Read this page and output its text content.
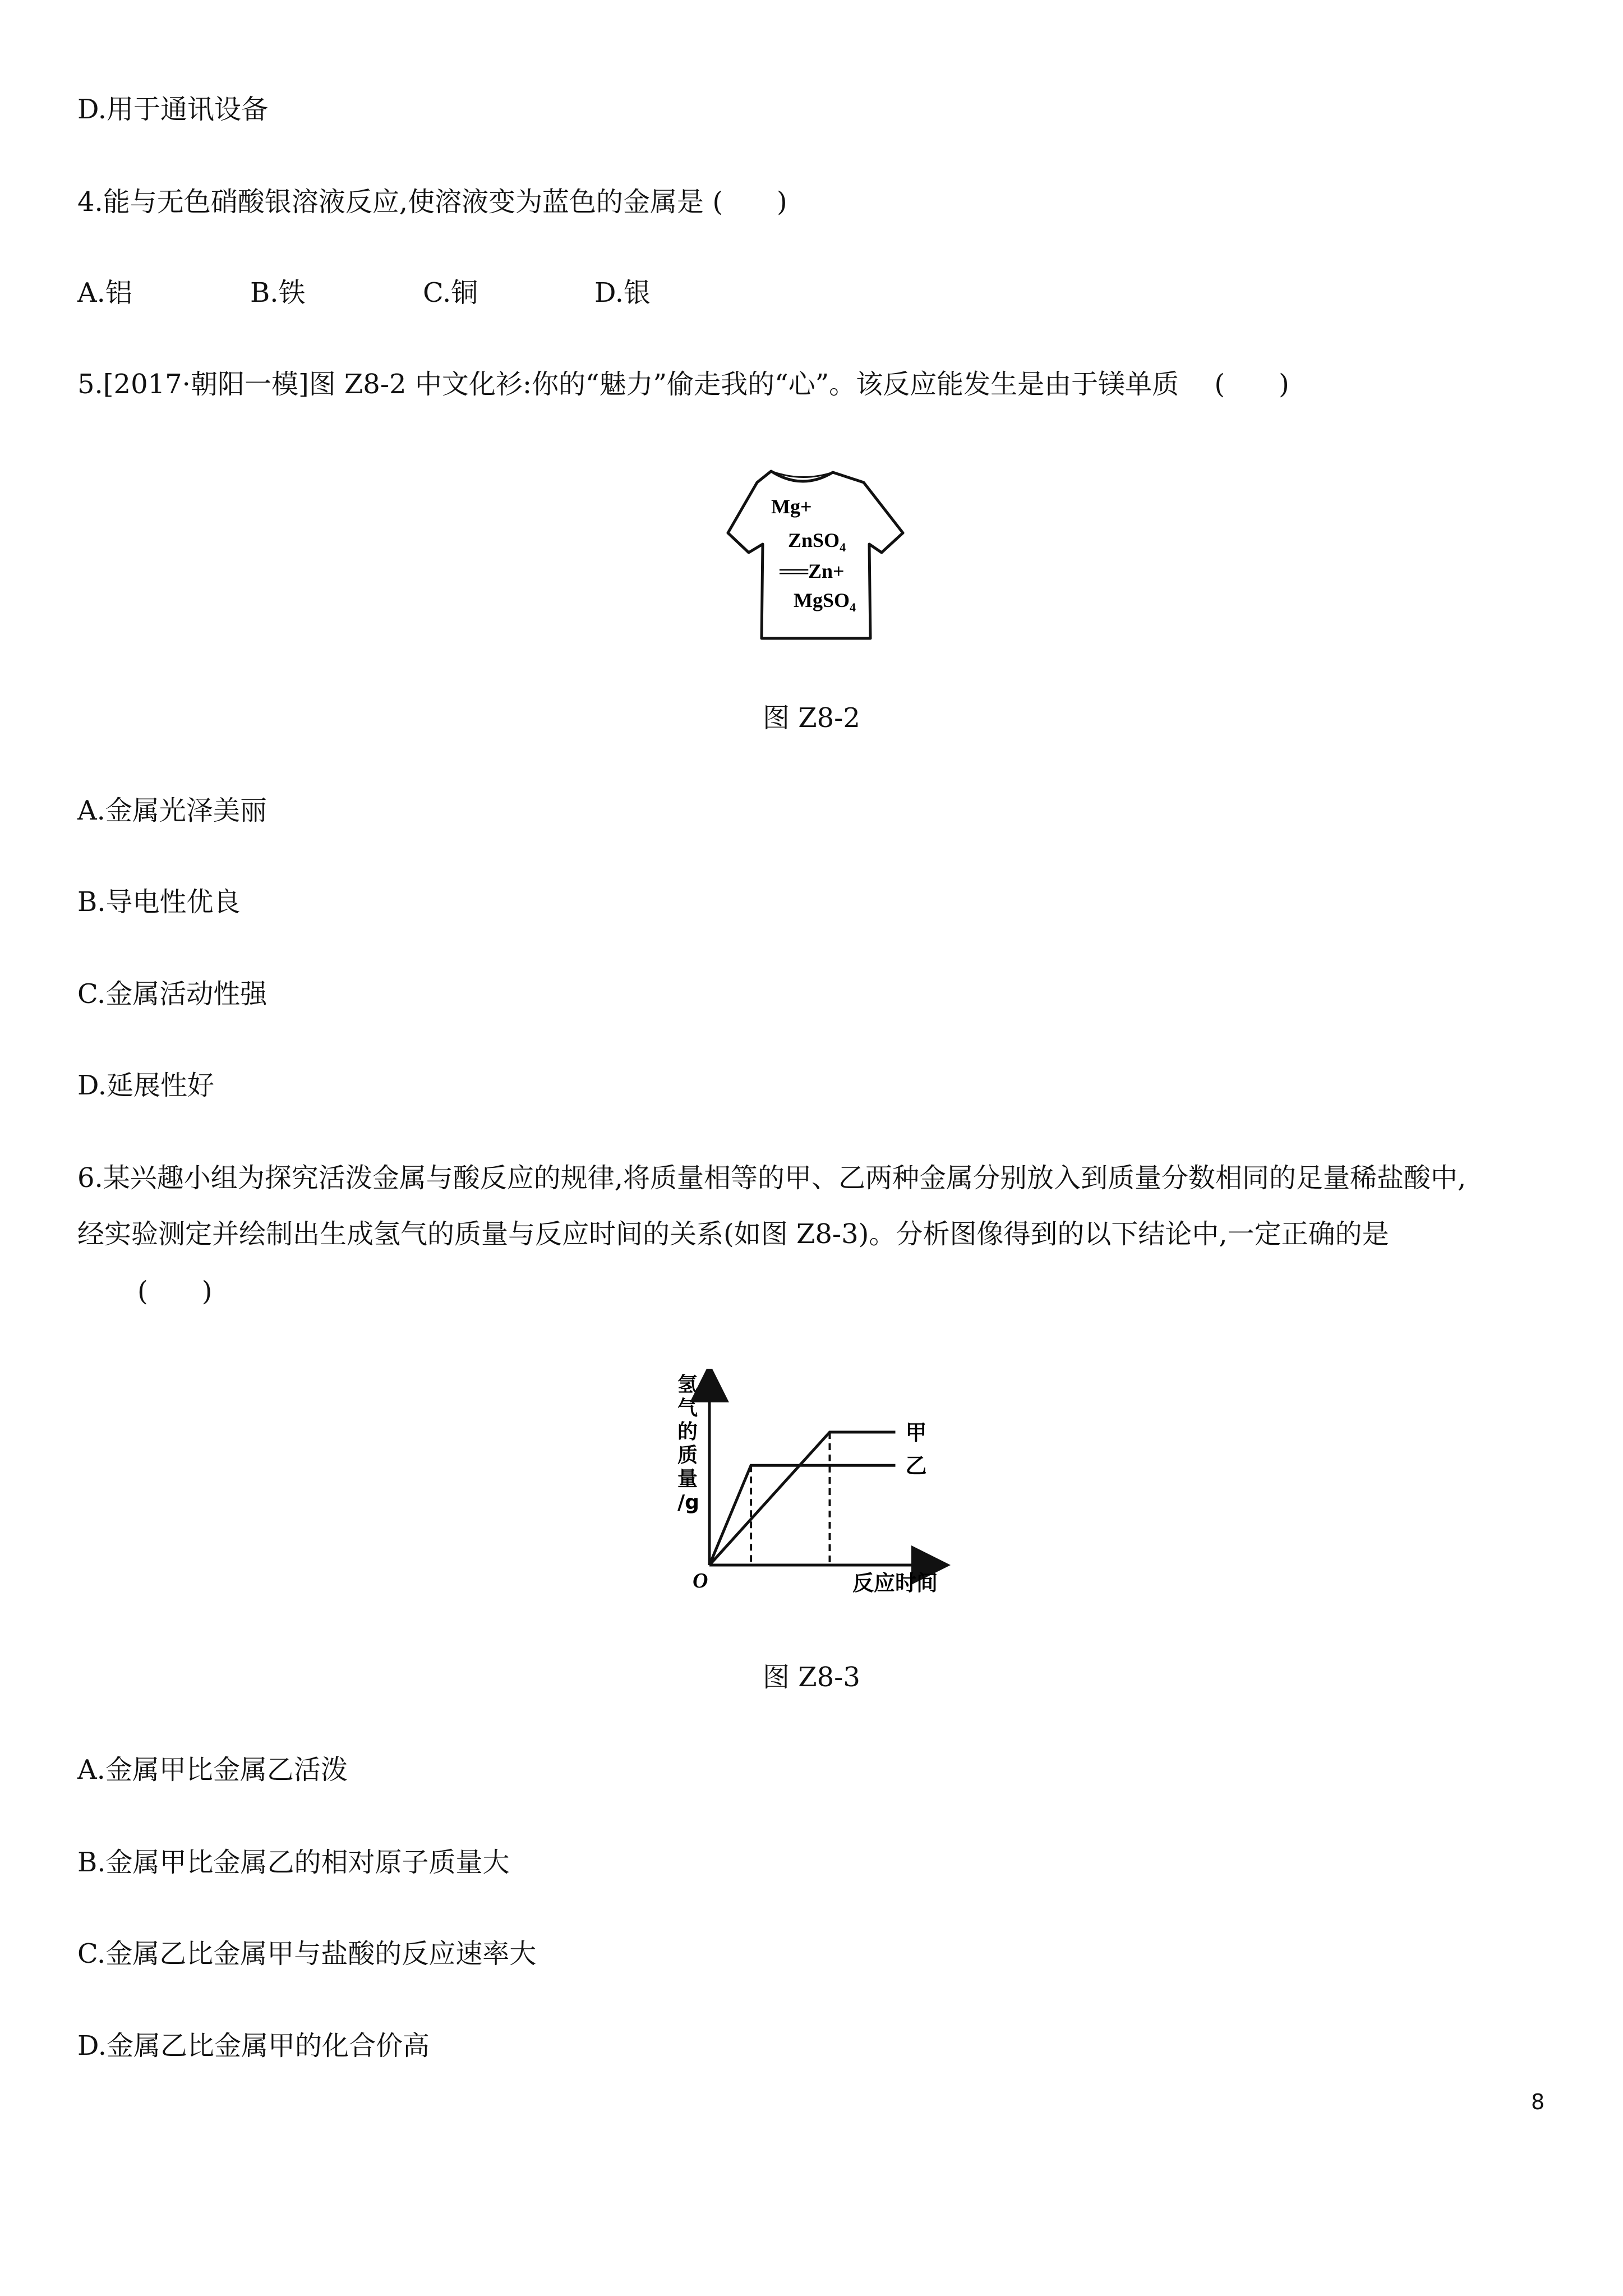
D.用于通讯设备

4.能与无色硝酸银溶液反应,使溶液变为蓝色的金属是 (　　)

A.铝	B.铁	C.铜	D.银

5.[2017·朝阳一模]图 Z8-2 中文化衫:你的“魅力”偷走我的“心”。该反应能发生是由于镁单质　 (　　)

Mg+
ZnSO$_4$
══Zn+
MgSO$_4$

图 Z8-2

A.金属光泽美丽

B.导电性优良

C.金属活动性强

D.延展性好

6.某兴趣小组为探究活泼金属与酸反应的规律,将质量相等的甲、乙两种金属分别放入到质量分数相同的足量稀盐酸中,

经实验测定并绘制出生成氢气的质量与反应时间的关系(如图 Z8-3)。分析图像得到的以下结论中,一定正确的是

(　　)

氢
气
的
质
量
/g
甲
乙
O	反应时间

图 Z8-3

A.金属甲比金属乙活泼

B.金属甲比金属乙的相对原子质量大

C.金属乙比金属甲与盐酸的反应速率大

D.金属乙比金属甲的化合价高

8
